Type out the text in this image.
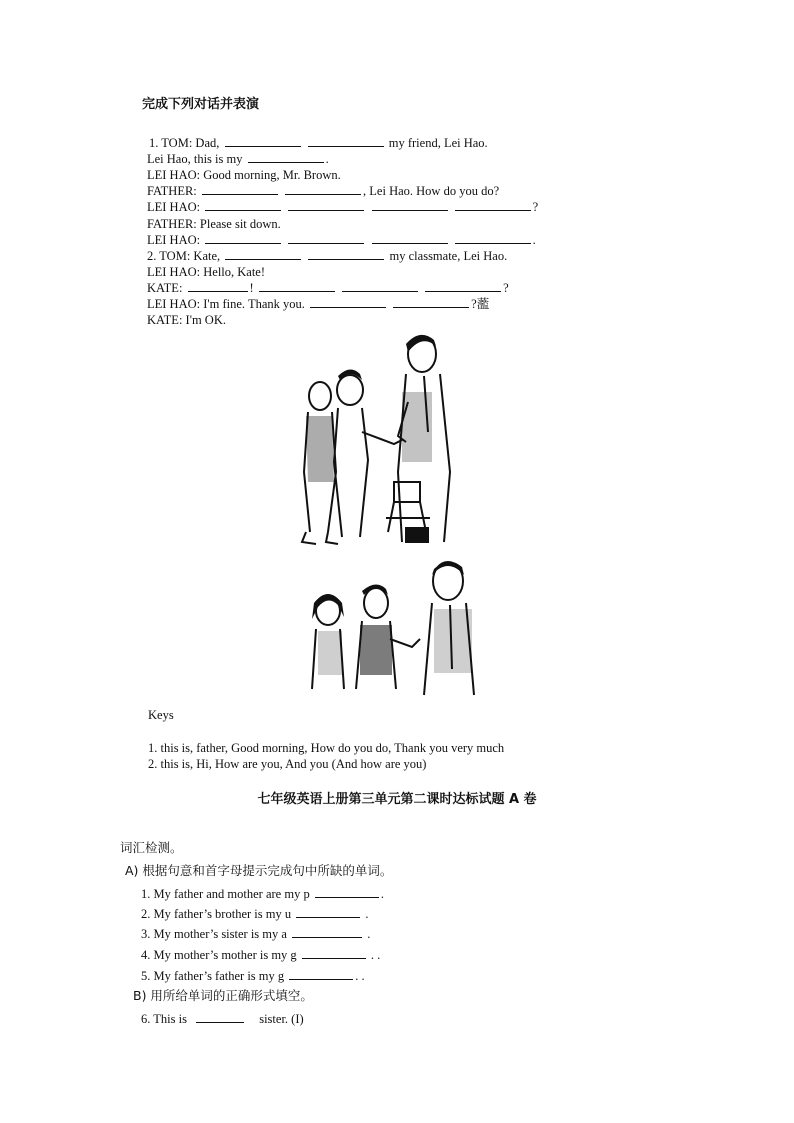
完成下列对话并表演
1. TOM: Dad,	my friend, Lei Hao.
Lei Hao, this is my	.
LEI HAO: Good morning, Mr. Brown.
FATHER:	, Lei Hao. How do you do?
LEI HAO:	?
FATHER: Please sit down.
LEI HAO:	.
2. TOM: Kate,	my classmate, Lei Hao.
LEI HAO: Hello, Kate!
KATE:	!	?
LEI HAO: I'm fine. Thank you.	?蘫
KATE: I'm OK.
Keys
1. this is, father, Good morning, How do you do, Thank you very much
2. this is, Hi, How are you, And you (And how are you)
七年级英语上册第三单元第二课时达标试题 A 卷
词汇检测。
A) 根据句意和首字母提示完成句中所缺的单词。
1. My father and mother are my p	.
2. My father’s brother is my u	.
3. My mother’s sister is my a	.
4. My mother’s mother is my g	. .
5. My father’s father is my g	. .
B) 用所给单词的正确形式填空。
6. This is	sister. (I)
